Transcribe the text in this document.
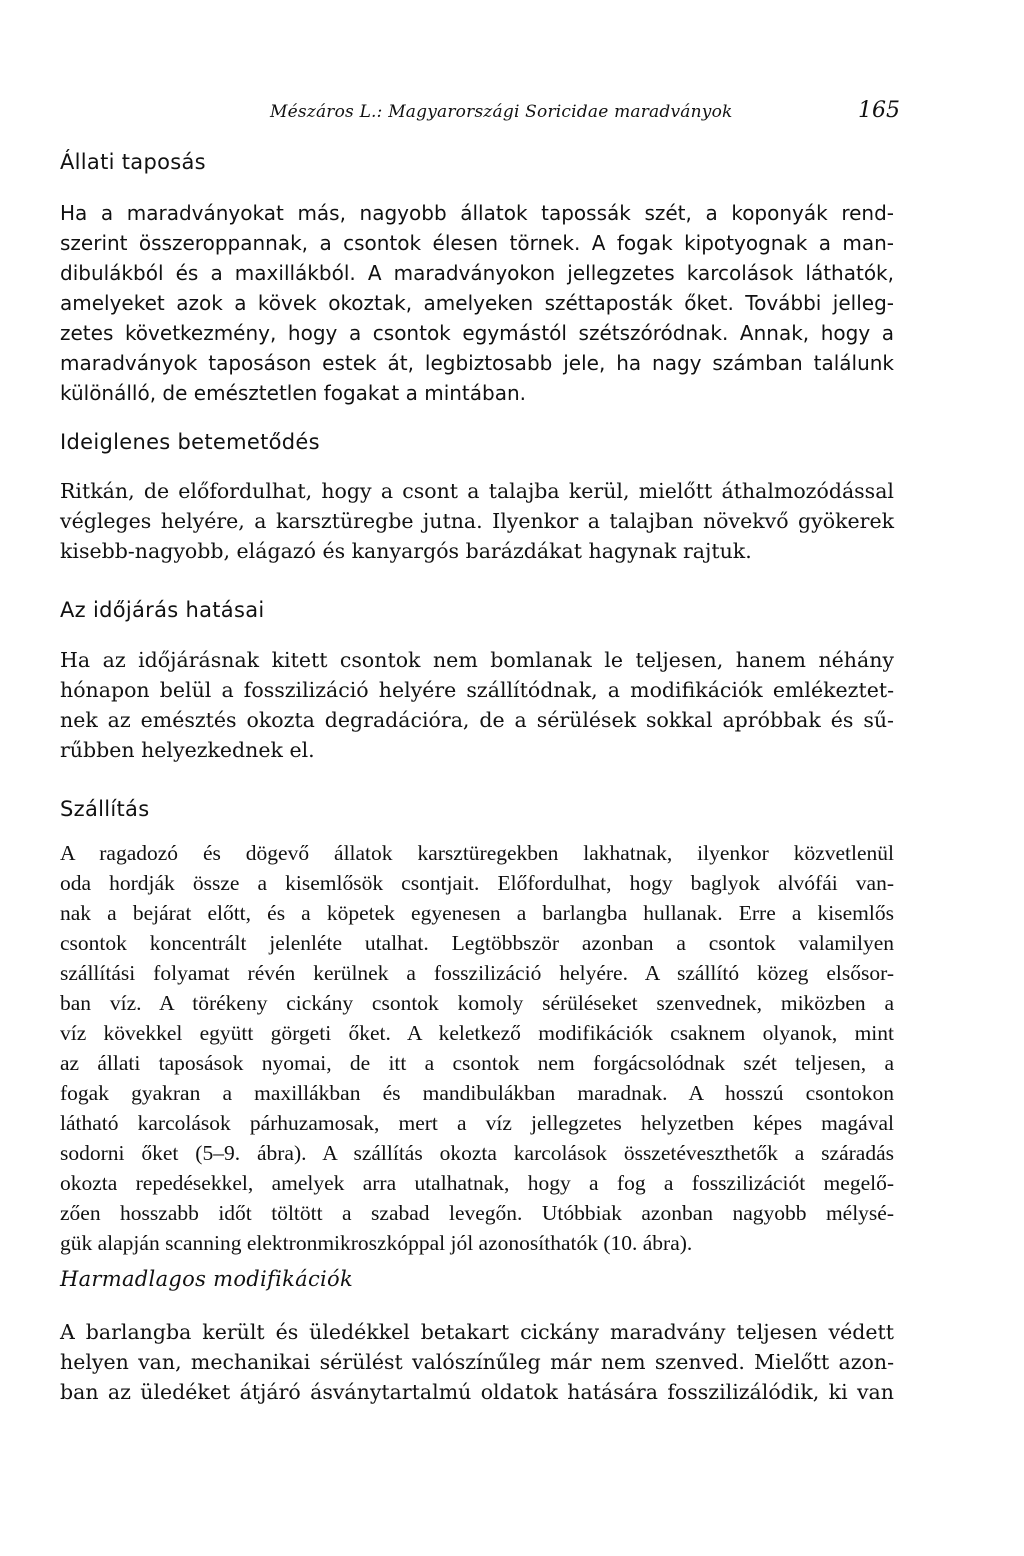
Mészáros L.: Magyarországi Soricidae maradványok	165
Állati taposás

Ha a maradványokat más, nagyobb állatok tapossák szét, a koponyák rend-

szerint összeroppannak, a csontok élesen törnek. A fogak kipotyognak a man-

dibulákból és a maxillákból. A maradványokon jellegzetes karcolások láthatók,

amelyeket azok a kövek okoztak, amelyeken széttaposták őket. További jelleg-

zetes következmény, hogy a csontok egymástól szétszóródnak. Annak, hogy a

maradványok taposáson estek át, legbiztosabb jele, ha nagy számban találunk

különálló, de emésztetlen fogakat a mintában.

Ideiglenes betemetődés

Ritkán, de előfordulhat, hogy a csont a talajba kerül, mielőtt áthalmozódással

végleges helyére, a karsztüregbe jutna. Ilyenkor a talajban növekvő gyökerek

kisebb-nagyobb, elágazó és kanyargós barázdákat hagynak rajtuk.

Az időjárás hatásai

Ha az időjárásnak kitett csontok nem bomlanak le teljesen, hanem néhány

hónapon belül a fosszilizáció helyére szállítódnak, a modifikációk emlékeztet-

nek az emésztés okozta degradációra, de a sérülések sokkal apróbbak és sű-

rűbben helyezkednek el.

Szállítás

A ragadozó és dögevő állatok karsztüregekben lakhatnak, ilyenkor közvetlenül

oda hordják össze a kisemlősök csontjait. Előfordulhat, hogy baglyok alvófái van-

nak a bejárat előtt, és a köpetek egyenesen a barlangba hullanak. Erre a kisemlős

csontok koncentrált jelenléte utalhat. Legtöbbször azonban a csontok valamilyen

szállítási folyamat révén kerülnek a fosszilizáció helyére. A szállító közeg elsősor-

ban víz. A törékeny cickány csontok komoly sérüléseket szenvednek, miközben a

víz kövekkel együtt görgeti őket. A keletkező modifikációk csaknem olyanok, mint

az állati taposások nyomai, de itt a csontok nem forgácsolódnak szét teljesen, a

fogak gyakran a maxillákban és mandibulákban maradnak. A hosszú csontokon

látható karcolások párhuzamosak, mert a víz jellegzetes helyzetben képes magával

sodorni őket (5–9. ábra). A szállítás okozta karcolások összetéveszthetők a száradás

okozta repedésekkel, amelyek arra utalhatnak, hogy a fog a fosszilizációt megelő-

zően hosszabb időt töltött a szabad levegőn. Utóbbiak azonban nagyobb mélysé-

gük alapján scanning elektronmikroszkóppal jól azonosíthatók (10. ábra).

Harmadlagos modifikációk

A barlangba került és üledékkel betakart cickány maradvány teljesen védett

helyen van, mechanikai sérülést valószínűleg már nem szenved. Mielőtt azon-

ban az üledéket átjáró ásványtartalmú oldatok hatására fosszilizálódik, ki van
